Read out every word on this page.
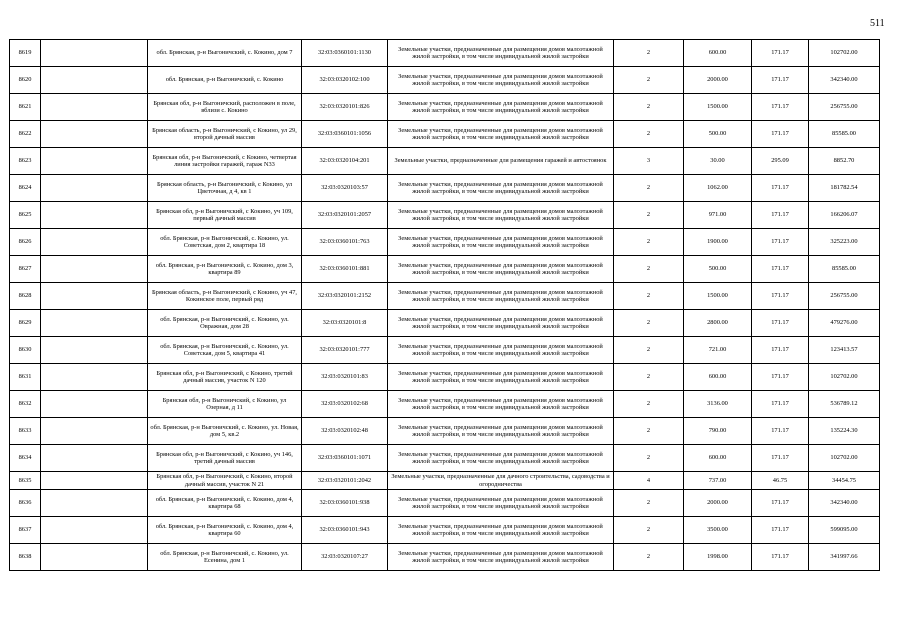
511
8619		обл. Брянская, р-н Выгоничский, с. Кокино, дом 7	32:03:0360101:1130	Земельные участки, предназначенные для размещения домов малоэтажной жилой застройки, в том числе индивидуальной жилой застройки	2	600.00	171.17	102702.00
8620		обл. Брянская, р-н Выгоничский, с. Кокино	32:03:0320102:100	Земельные участки, предназначенные для размещения домов малоэтажной жилой застройки, в том числе индивидуальной жилой застройки	2	2000.00	171.17	342340.00
8621		Брянская обл, р-н Выгоничский, расположен в поле, вблизи с. Кокино	32:03:0320101:826	Земельные участки, предназначенные для размещения домов малоэтажной жилой застройки, в том числе индивидуальной жилой застройки	2	1500.00	171.17	256755.00
8622		Брянская область, р-н Выгоничский, с Кокино, ул 29, второй дачный массив	32:03:0360101:1056	Земельные участки, предназначенные для размещения домов малоэтажной жилой застройки, в том числе индивидуальной жилой застройки	2	500.00	171.17	85585.00
8623		Брянская обл, р-н Выгоничский, с Кокино, четвертая линия застройки гаражей, гараж N33	32:03:0320104:201	Земельные участки, предназначенные для размещения гаражей и автостоянок	3	30.00	295.09	8852.70
8624		Брянская область, р-н Выгоничский, с Кокино, ул Цветочная, д 4, кв 1	32:03:0320103:57	Земельные участки, предназначенные для размещения домов малоэтажной жилой застройки, в том числе индивидуальной жилой застройки	2	1062.00	171.17	181782.54
8625		Брянская обл, р-н Выгоничский, с Кокино, уч 109, первый дачный массив	32:03:0320101:2057	Земельные участки, предназначенные для размещения домов малоэтажной жилой застройки, в том числе индивидуальной жилой застройки	2	971.00	171.17	166206.07
8626		обл. Брянская, р-н Выгоничский, с. Кокино, ул. Советская, дом 2, квартира 18	32:03:0360101:763	Земельные участки, предназначенные для размещения домов малоэтажной жилой застройки, в том числе индивидуальной жилой застройки	2	1900.00	171.17	325223.00
8627		обл. Брянская, р-н Выгоничский, с. Кокино, дом 3, квартира 89	32:03:0360101:881	Земельные участки, предназначенные для размещения домов малоэтажной жилой застройки, в том числе индивидуальной жилой застройки	2	500.00	171.17	85585.00
8628		Брянская область, р-н Выгоничский, с Кокино, уч 47, Кокинское поле, первый ряд	32:03:0320101:2152	Земельные участки, предназначенные для размещения домов малоэтажной жилой застройки, в том числе индивидуальной жилой застройки	2	1500.00	171.17	256755.00
8629		обл. Брянская, р-н Выгоничский, с. Кокино, ул. Овражная, дом 28	32:03:0320101:8	Земельные участки, предназначенные для размещения домов малоэтажной жилой застройки, в том числе индивидуальной жилой застройки	2	2800.00	171.17	479276.00
8630		обл. Брянская, р-н Выгоничский, с. Кокино, ул. Советская, дом 5, квартира 41	32:03:0320101:777	Земельные участки, предназначенные для размещения домов малоэтажной жилой застройки, в том числе индивидуальной жилой застройки	2	721.00	171.17	123413.57
8631		Брянская обл, р-н Выгоничский, с Кокино, третий дачный массив, участок N 120	32:03:0320101:83	Земельные участки, предназначенные для размещения домов малоэтажной жилой застройки, в том числе индивидуальной жилой застройки	2	600.00	171.17	102702.00
8632		Брянская обл, р-н Выгоничский, с Кокино, ул Озерная, д 11	32:03:0320102:68	Земельные участки, предназначенные для размещения домов малоэтажной жилой застройки, в том числе индивидуальной жилой застройки	2	3136.00	171.17	536789.12
8633		обл. Брянская, р-н Выгоничский, с. Кокино, ул. Новая, дом 5, кв.2	32:03:0320102:48	Земельные участки, предназначенные для размещения домов малоэтажной жилой застройки, в том числе индивидуальной жилой застройки	2	790.00	171.17	135224.30
8634		Брянская обл, р-н Выгоничский, с Кокино, уч 146, третий дачный массив	32:03:0360101:1071	Земельные участки, предназначенные для размещения домов малоэтажной жилой застройки, в том числе индивидуальной жилой застройки	2	600.00	171.17	102702.00
8635		Брянская обл, р-н Выгоничский, с Кокино, второй дачный массив, участок N 21	32:03:0320101:2042	Земельные участки, предназначенные для дачного строительства, садоводства и огородничества	4	737.00	46.75	34454.75
8636		обл. Брянская, р-н Выгоничский, с. Кокино, дом 4, квартира 68	32:03:0360101:938	Земельные участки, предназначенные для размещения домов малоэтажной жилой застройки, в том числе индивидуальной жилой застройки	2	2000.00	171.17	342340.00
8637		обл. Брянская, р-н Выгоничский, с. Кокино, дом 4, квартира 60	32:03:0360101:943	Земельные участки, предназначенные для размещения домов малоэтажной жилой застройки, в том числе индивидуальной жилой застройки	2	3500.00	171.17	599095.00
8638		обл. Брянская, р-н Выгоничский, с. Кокино, ул. Есенина, дом 1	32:03:0320107:27	Земельные участки, предназначенные для размещения домов малоэтажной жилой застройки, в том числе индивидуальной жилой застройки	2	1998.00	171.17	341997.66
